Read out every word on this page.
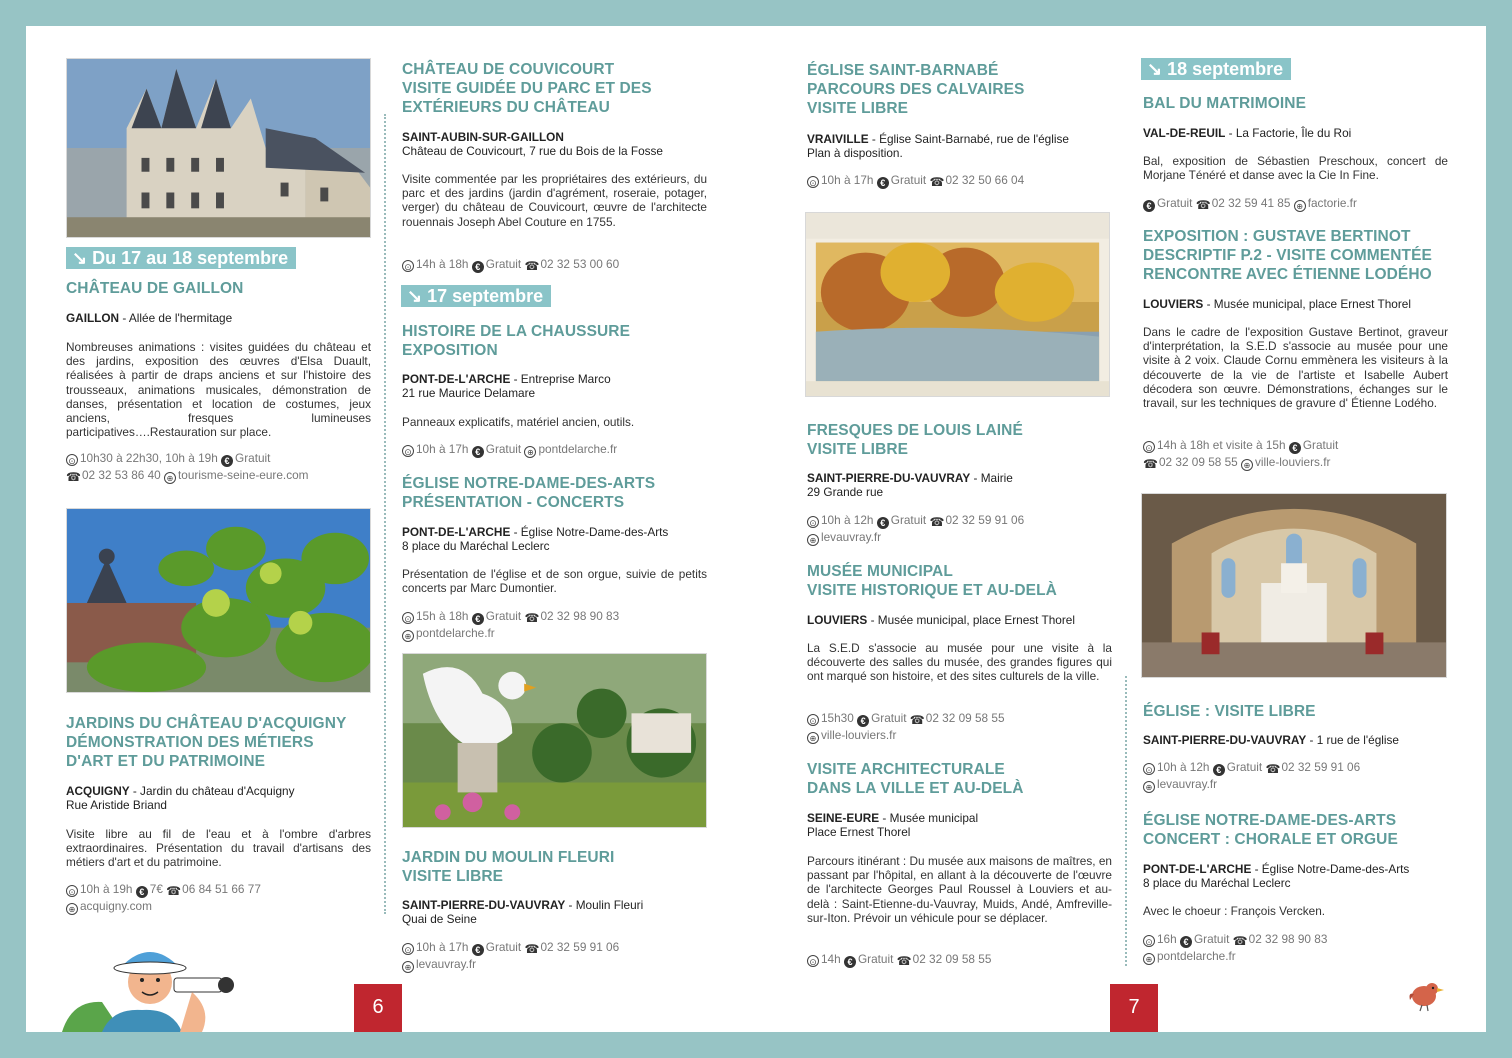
↘ Du 17 au 18 septembre
CHÂTEAU DE GAILLON
GAILLON - Allée de l'hermitage
Nombreuses animations : visites guidées du château et des jardins, exposition des œuvres d'Elsa Duault, réalisées à partir de draps anciens et sur l'histoire des trousseaux, animations musicales, démonstration de danses, présentation et location de costumes, jeux anciens, fresques lumineuses participatives….Restauration sur place.
⊙ 10h30 à 22h30, 10h à 19h € Gratuit
☎02 32 53 86 40 ⊕ tourisme-seine-eure.com
JARDINS DU CHÂTEAU D'ACQUIGNY
DÉMONSTRATION DES MÉTIERS
D'ART ET DU PATRIMOINE
ACQUIGNY - Jardin du château d'Acquigny
Rue Aristide Briand
Visite libre au fil de l'eau et à l'ombre d'arbres extraordinaires. Présentation du travail d'artisans des métiers d'art et du patrimoine.
⊙ 10h à 19h € 7€ ☎06 84 51 66 77
⊕ acquigny.com
CHÂTEAU DE COUVICOURT
VISITE GUIDÉE DU PARC ET DES
EXTÉRIEURS DU CHÂTEAU
SAINT-AUBIN-SUR-GAILLON
Château de Couvicourt, 7 rue du Bois de la Fosse
Visite commentée par les propriétaires des extérieurs, du parc et des jardins (jardin d'agrément, roseraie, potager, verger) du château de Couvicourt, œuvre de l'architecte rouennais Joseph Abel Couture en 1755.
⊙ 14h à 18h € Gratuit ☎02 32 53 00 60
↘ 17 septembre
HISTOIRE DE LA CHAUSSURE
EXPOSITION
PONT-DE-L'ARCHE - Entreprise Marco
21 rue Maurice Delamare
Panneaux explicatifs, matériel ancien, outils.
⊙ 10h à 17h € Gratuit ⊕ pontdelarche.fr
ÉGLISE NOTRE-DAME-DES-ARTS
PRÉSENTATION - CONCERTS
PONT-DE-L'ARCHE - Église Notre-Dame-des-Arts
8 place du Maréchal Leclerc
Présentation de l'église et de son orgue, suivie de petits concerts par Marc Dumontier.
⊙ 15h à 18h € Gratuit ☎02 32 98 90 83
⊕ pontdelarche.fr
JARDIN DU MOULIN FLEURI
VISITE LIBRE
SAINT-PIERRE-DU-VAUVRAY - Moulin Fleuri
Quai de Seine
⊙ 10h à 17h € Gratuit ☎02 32 59 91 06
⊕ levauvray.fr
6
ÉGLISE SAINT-BARNABÉ
PARCOURS DES CALVAIRES
VISITE LIBRE
VRAIVILLE - Église Saint-Barnabé, rue de l'église
Plan à disposition.
⊙ 10h à 17h € Gratuit ☎02 32 50 66 04
FRESQUES DE LOUIS LAINÉ
VISITE LIBRE
SAINT-PIERRE-DU-VAUVRAY - Mairie
29 Grande rue
⊙ 10h à 12h € Gratuit ☎02 32 59 91 06
⊕ levauvray.fr
MUSÉE MUNICIPAL
VISITE HISTORIQUE ET AU-DELÀ
LOUVIERS - Musée municipal, place Ernest Thorel
La S.E.D s'associe au musée pour une visite à la découverte des salles du musée, des grandes figures qui ont marqué son histoire, et des sites culturels de la ville.
⊙ 15h30 € Gratuit ☎02 32 09 58 55
⊕ ville-louviers.fr
VISITE ARCHITECTURALE
DANS LA VILLE ET AU-DELÀ
SEINE-EURE - Musée municipal
Place Ernest Thorel
Parcours itinérant : Du musée aux maisons de maîtres, en passant par l'hôpital, en allant à la découverte de l'œuvre de l'architecte Georges Paul Roussel à Louviers et au-delà : Saint-Etienne-du-Vauvray, Muids, Andé, Amfreville-sur-Iton. Prévoir un véhicule pour se déplacer.
⊙ 14h € Gratuit ☎02 32 09 58 55
↘ 18 septembre
BAL DU MATRIMOINE
VAL-DE-REUIL - La Factorie, Île du Roi
Bal, exposition de Sébastien Preschoux, concert de Morjane Ténéré et danse avec la Cie In Fine.
€ Gratuit ☎02 32 59 41 85 ⊕ factorie.fr
EXPOSITION : GUSTAVE BERTINOT
DESCRIPTIF P.2 - VISITE COMMENTÉE
RENCONTRE AVEC ÉTIENNE LODÉHO
LOUVIERS - Musée municipal, place Ernest Thorel
Dans le cadre de l'exposition Gustave Bertinot, graveur d'interprétation, la S.E.D s'associe au musée pour une visite à 2 voix. Claude Cornu emmènera les visiteurs à la découverte de la vie de l'artiste et Isabelle Aubert décodera son œuvre. Démonstrations, échanges sur le travail, sur les techniques de gravure d' Étienne Lodého.
⊙ 14h à 18h et visite à 15h € Gratuit
☎02 32 09 58 55 ⊕ ville-louviers.fr
ÉGLISE : VISITE LIBRE
SAINT-PIERRE-DU-VAUVRAY - 1 rue de l'église
⊙ 10h à 12h € Gratuit ☎02 32 59 91 06
⊕ levauvray.fr
ÉGLISE NOTRE-DAME-DES-ARTS
CONCERT : CHORALE ET ORGUE
PONT-DE-L'ARCHE - Église Notre-Dame-des-Arts
8 place du Maréchal Leclerc
Avec le choeur : François Vercken.
⊙ 16h € Gratuit ☎02 32 98 90 83
⊕ pontdelarche.fr
7
